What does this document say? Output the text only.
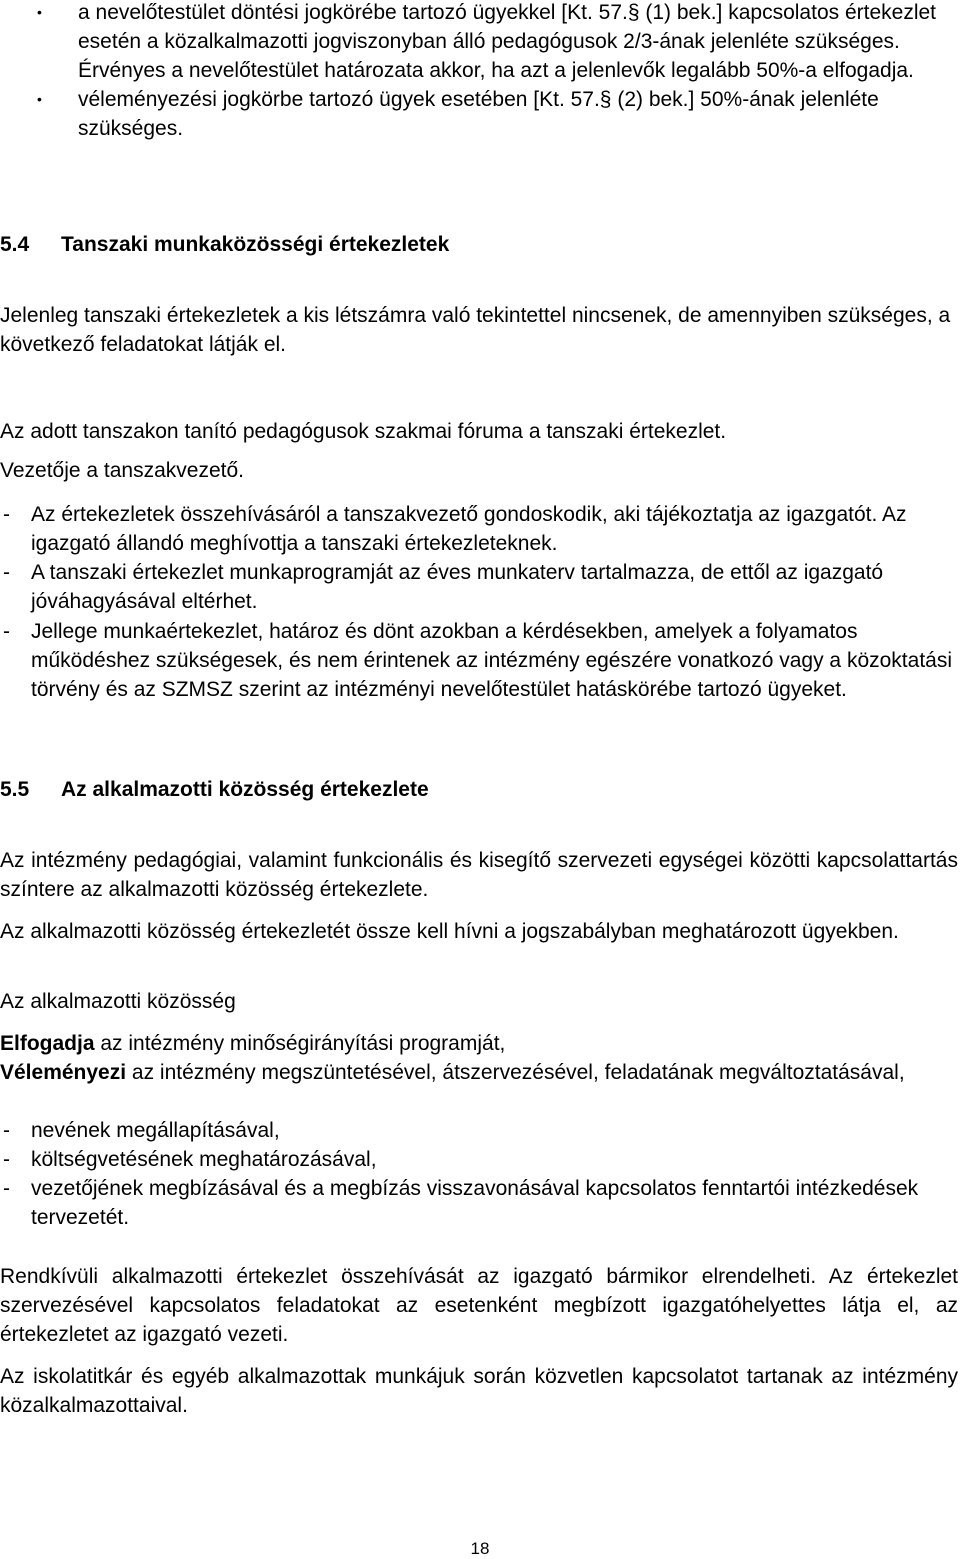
• a nevelőtestület döntési jogkörébe tartozó ügyekkel [Kt. 57.§ (1) bek.] kapcsolatos értekezlet esetén a közalkalmazotti jogviszonyban álló pedagógusok 2/3-ának jelenléte szükséges. Érvényes a nevelőtestület határozata akkor, ha azt a jelenlevők legalább 50%-a elfogadja.
• véleményezési jogkörbe tartozó ügyek esetében [Kt. 57.§ (2) bek.] 50%-ának jelenléte szükséges.
5.4 Tanszaki munkaközösségi értekezletek

Jelenleg tanszaki értekezletek a kis létszámra való tekintettel nincsenek, de amennyiben szükséges, a következő feladatokat látják el.

Az adott tanszakon tanító pedagógusok szakmai fóruma a tanszaki értekezlet.

Vezetője a tanszakvezető.

-	Az értekezletek összehívásáról a tanszakvezető gondoskodik, aki tájékoztatja az igazgatót. Az igazgató állandó meghívottja a tanszaki értekezleteknek.
-	A tanszaki értekezlet munkaprogramját az éves munkaterv tartalmazza, de ettől az igazgató jóváhagyásával eltérhet.
-	Jellege munkaértekezlet, határoz és dönt azokban a kérdésekben, amelyek a folyamatos működéshez szükségesek, és nem érintenek az intézmény egészére vonatkozó vagy a közoktatási törvény és az SZMSZ szerint az intézményi nevelőtestület hatáskörébe tartozó ügyeket.
5.5 Az alkalmazotti közösség értekezlete

Az intézmény pedagógiai, valamint funkcionális és kisegítő szervezeti egységei közötti kapcsolattartás színtere az alkalmazotti közösség értekezlete.

Az alkalmazotti közösség értekezletét össze kell hívni a jogszabályban meghatározott ügyekben.

Az alkalmazotti közösség

Elfogadja az intézmény minőségirányítási programját,

Véleményezi az intézmény megszüntetésével, átszervezésével, feladatának megváltoztatásával,

-	nevének megállapításával,
-	költségvetésének meghatározásával,
-	vezetőjének megbízásával és a megbízás visszavonásával kapcsolatos fenntartói intézkedések tervezetét.

Rendkívüli alkalmazotti értekezlet összehívását az igazgató bármikor elrendelheti. Az értekezlet szervezésével kapcsolatos feladatokat az esetenként megbízott igazgatóhelyettes látja el, az értekezletet az igazgató vezeti.

Az iskolatitkár és egyéb alkalmazottak munkájuk során közvetlen kapcsolatot tartanak az intézmény közalkalmazottaival.

18
